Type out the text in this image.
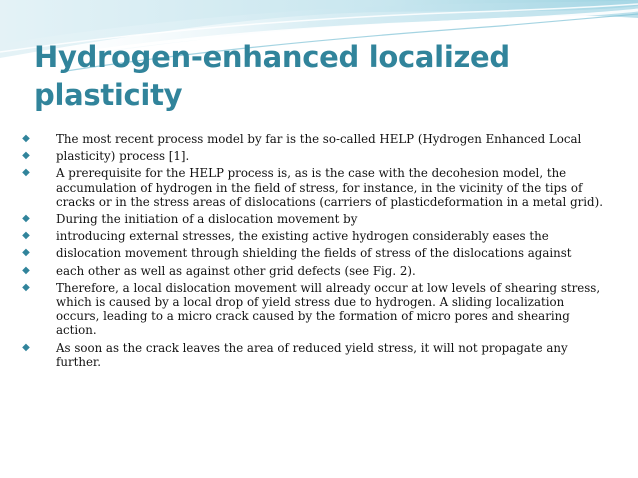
Hydrogen-enhanced localized plasticity
◆ The most recent process model by far is the so-called HELP (Hydrogen Enhanced Local
◆ plasticity) process [1].
◆ A prerequisite for the HELP process is, as is the case with the decohesion model, the accumulation of hydrogen in the field of stress, for instance, in the vicinity of the tips of cracks or in the stress areas of dislocations (carriers of plasticdeformation in a metal grid).
◆ During the initiation of a dislocation movement by
◆ introducing external stresses, the existing active hydrogen considerably eases the
◆ dislocation movement through shielding the fields of stress of the dislocations against
◆ each other as well as against other grid defects (see Fig. 2).
◆ Therefore, a local dislocation movement will already occur at low levels of shearing stress, which is caused by a local drop of yield stress due to hydrogen. A sliding localization occurs, leading to a micro crack caused by the formation of micro pores and shearing action.
◆ As soon as the crack leaves the area of reduced yield stress, it will not propagate any further.
